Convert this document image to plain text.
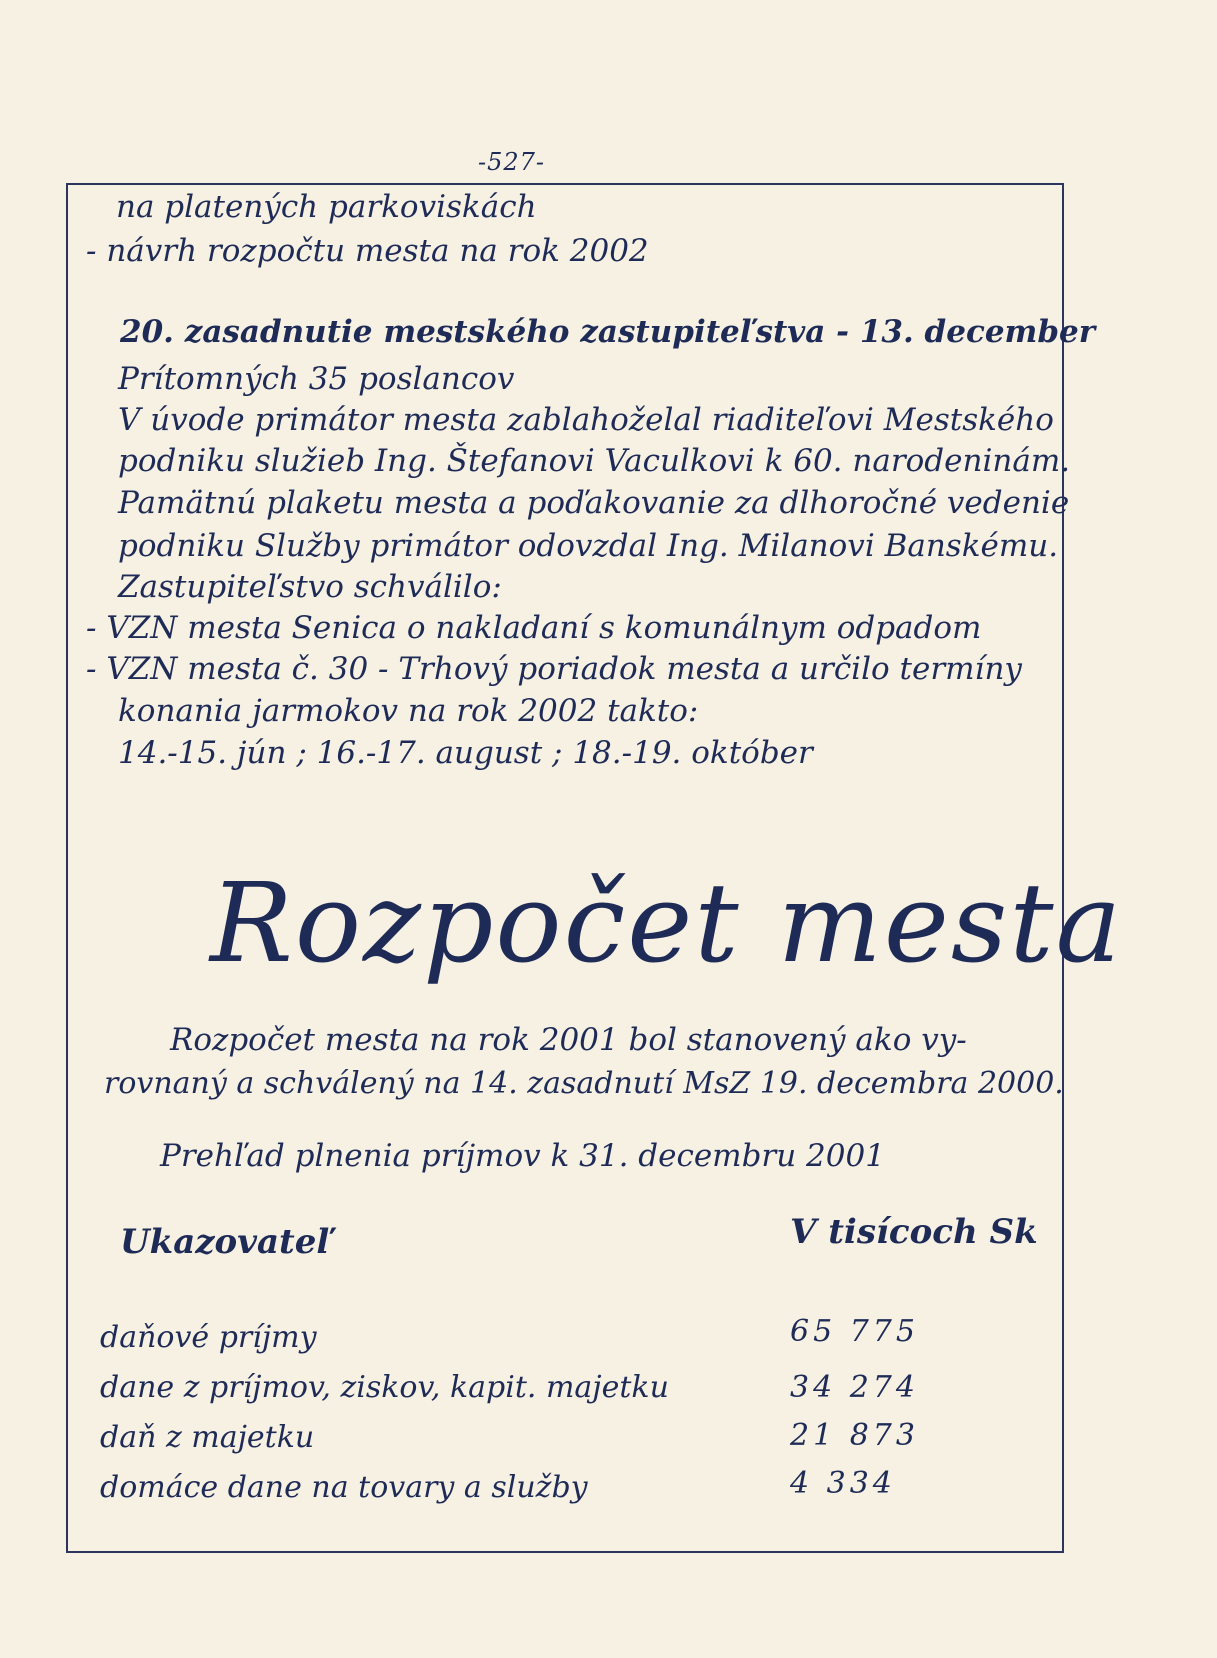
-527-
na platených parkoviskách
- návrh rozpočtu mesta na rok 2002
20. zasadnutie mestského zastupiteľstva - 13. december
Prítomných 35 poslancov
V úvode primátor mesta zablahoželal riaditeľovi Mestského
podniku služieb Ing. Štefanovi Vaculkovi k 60. narodeninám.
Pamätnú plaketu mesta a poďakovanie za dlhoročné vedenie
podniku Služby primátor odovzdal Ing. Milanovi Banskému.
Zastupiteľstvo schválilo:
- VZN mesta Senica o nakladaní s komunálnym odpadom
- VZN mesta č. 30 - Trhový poriadok mesta a určilo termíny
konania jarmokov na rok 2002 takto:
14.-15. jún ; 16.-17. august ; 18.-19. október
Rozpočet mesta
Rozpočet mesta na rok 2001 bol stanovený ako vy-
rovnaný a schválený na 14. zasadnutí MsZ 19. decembra 2000.
Prehľad plnenia príjmov k 31. decembru 2001
Ukazovateľ	V tisícoch Sk
daňové príjmy	65 775
dane z príjmov, ziskov, kapit. majetku	34 274
daň z majetku	21 873
domáce dane na tovary a služby	4 334
